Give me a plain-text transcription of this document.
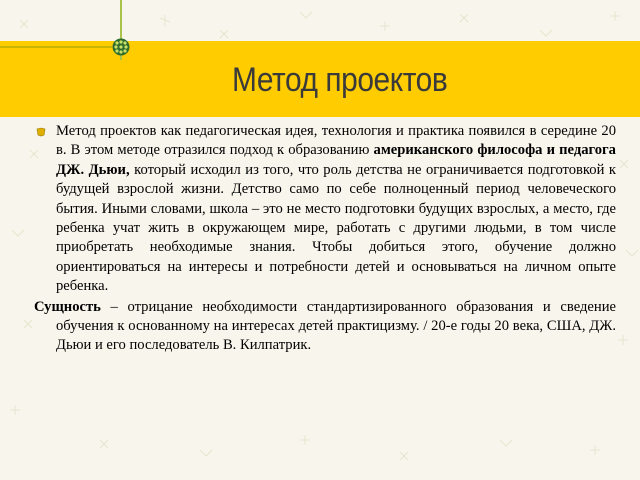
Метод проектов
Метод проектов как педагогическая идея, технология и практика появился в середине 20 в. В этом методе отразился подход к образованию американского философа и педагога ДЖ. Дьюи, который исходил из того, что роль детства не ограничивается подготовкой к будущей взрослой жизни. Детство само по себе полноценный период человеческого бытия. Иными словами, школа – это не место подготовки будущих взрослых, а место, где ребенка учат жить в окружающем мире, работать с другими людьми, в том числе приобретать необходимые знания. Чтобы добиться этого, обучение должно ориентироваться на интересы и потребности детей и основываться на личном опыте ребенка.
Сущность – отрицание необходимости стандартизированного образования и сведение обучения к основанному на интересах детей практицизму. / 20-е годы 20 века, США, ДЖ. Дьюи и его последователь В. Килпатрик.
